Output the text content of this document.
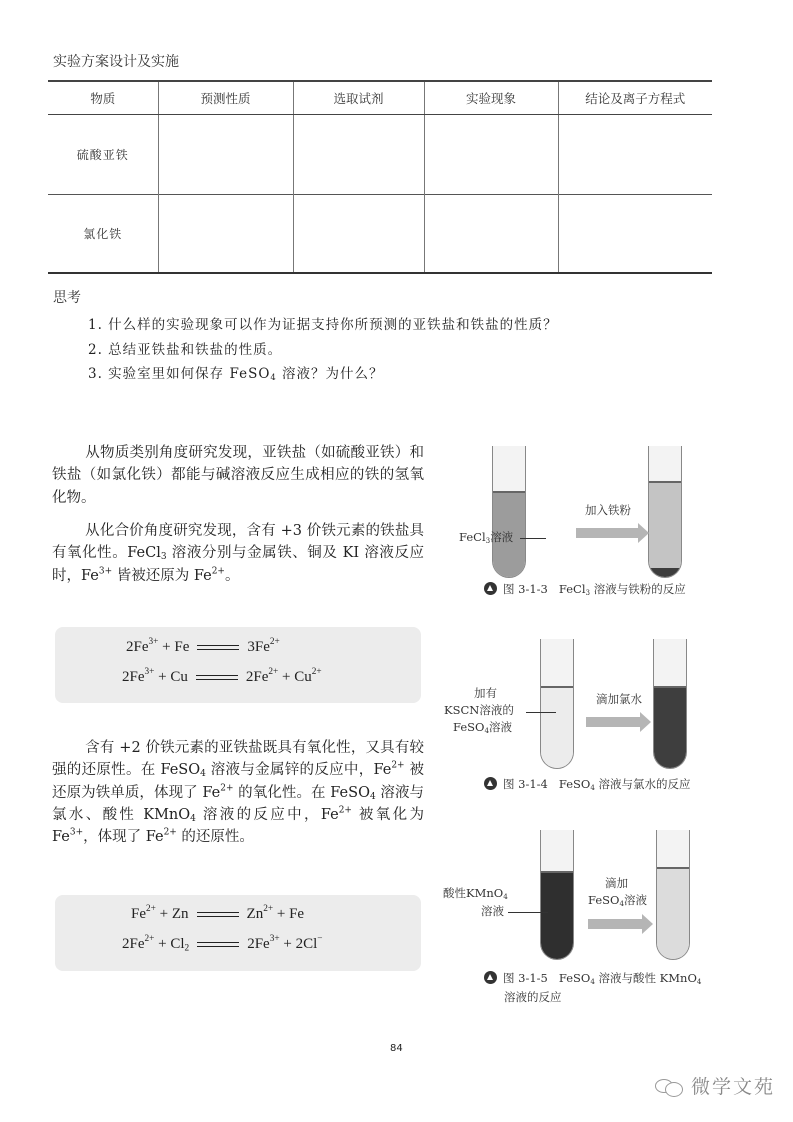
实验方案设计及实施
物质	预测性质	选取试剂	实验现象	结论及离子方程式
硫酸亚铁				
氯化铁				
思考
1. 什么样的实验现象可以作为证据支持你所预测的亚铁盐和铁盐的性质？
2. 总结亚铁盐和铁盐的性质。
3. 实验室里如何保存 FeSO$_4$ 溶液？为什么？
从物质类别角度研究发现，亚铁盐（如硫酸亚铁）和铁盐（如氯化铁）都能与碱溶液反应生成相应的铁的氢氧化物。
从化合价角度研究发现，含有 +3 价铁元素的铁盐具有氧化性。FeCl$_3$ 溶液分别与金属铁、铜及 KI 溶液反应时，$Fe^{3+}$ 皆被还原为 $Fe^{2+}$。
$2Fe^{3+} + Fe$	$3Fe^{2+}$
$2Fe^{3+} + Cu$	$2Fe^{2+} + Cu^{2+}$
含有 +2 价铁元素的亚铁盐既具有氧化性，又具有较强的还原性。在 FeSO$_4$ 溶液与金属锌的反应中，$Fe^{2+}$ 被还原为铁单质，体现了 $Fe^{2+}$ 的氧化性。在 FeSO$_4$ 溶液与氯水、酸性 KMnO$_4$ 溶液的反应中，$Fe^{2+}$ 被氧化为 $Fe^{3+}$，体现了 $Fe^{2+}$ 的还原性。
$Fe^{2+} + Zn$	$Zn^{2+} + Fe$
$2Fe^{2+} + Cl_2$	$2Fe^{3+} + 2Cl^-$
FeCl$_3$溶液
加入铁粉
图 3-1-3 FeCl$_3$ 溶液与铁粉的反应
加有
KSCN溶液的
FeSO$_4$溶液
滴加氯水
图 3-1-4 FeSO$_4$ 溶液与氯水的反应
酸性KMnO$_4$
溶液
滴加
FeSO$_4$溶液
图 3-1-5 FeSO$_4$ 溶液与酸性 KMnO$_4$
溶液的反应
84
微学文苑
